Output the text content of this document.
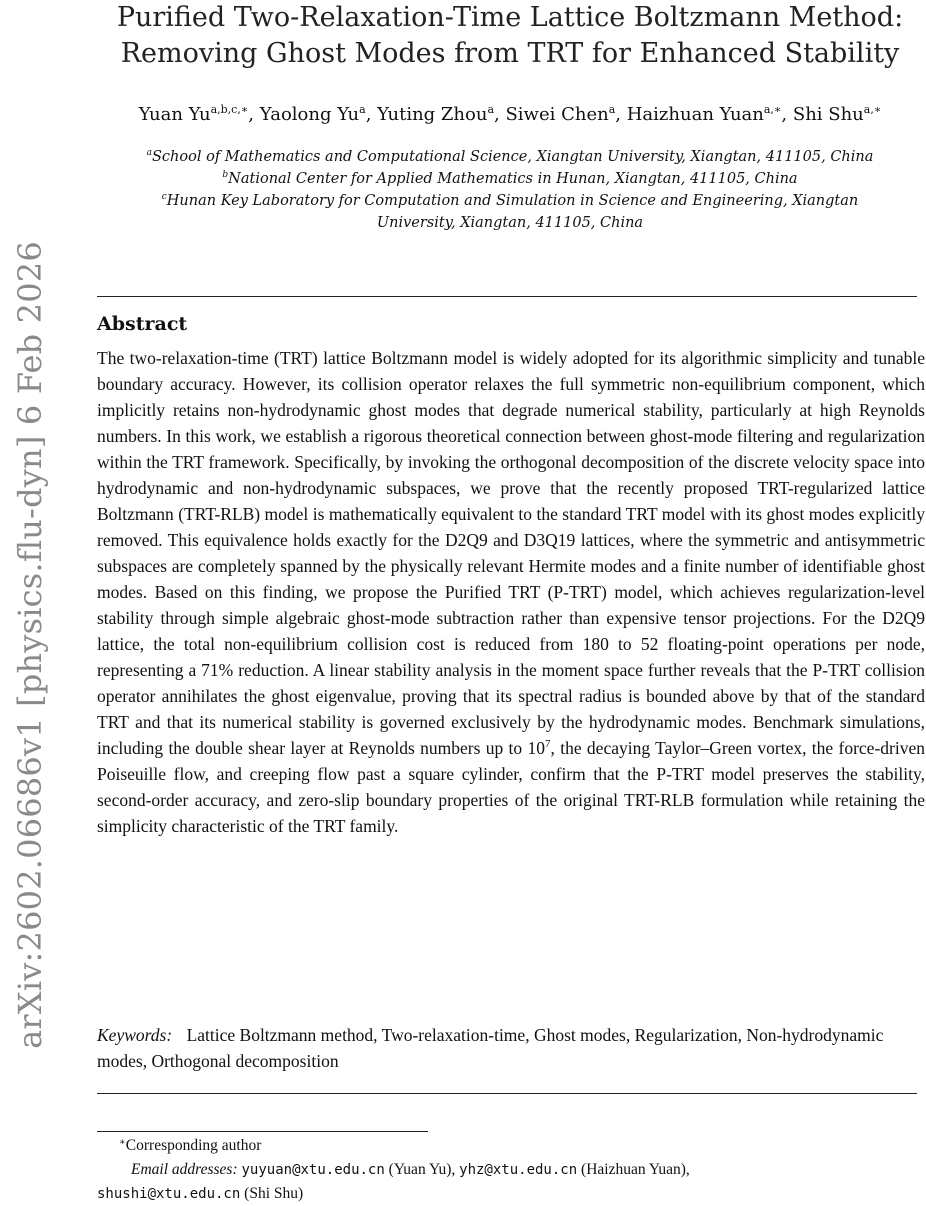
arXiv:2602.06686v1 [physics.flu-dyn] 6 Feb 2026
Purified Two-Relaxation-Time Lattice Boltzmann Method:
Removing Ghost Modes from TRT for Enhanced Stability
Yuan $Yu^{a,b,c,∗}$, Yaolong Yu$^a$, Yuting Zhou$^a$, Siwei Chen$^a$, Haizhuan Yuan$^{a,∗}$, Shi Shu$^{a,∗}$
$^a$School of Mathematics and Computational Science, Xiangtan University, Xiangtan, 411105, China
$^b$National Center for Applied Mathematics in Hunan, Xiangtan, 411105, China
$^c$Hunan Key Laboratory for Computation and Simulation in Science and Engineering, Xiangtan
University, Xiangtan, 411105, China
Abstract

The two-relaxation-time (TRT) lattice Boltzmann model is widely adopted for its algorithmic simplicity and tunable boundary accuracy. However, its collision operator relaxes the full symmetric non-equilibrium component, which implicitly retains non-hydrodynamic ghost modes that degrade numerical stability, particularly at high Reynolds numbers. In this work, we establish a rigorous theoretical connection between ghost-mode filtering and regularization within the TRT framework. Specifically, by invoking the orthogonal decomposition of the discrete velocity space into hydrodynamic and non-hydrodynamic subspaces, we prove that the recently proposed TRT-regularized lattice Boltzmann (TRT-RLB) model is mathematically equivalent to the standard TRT model with its ghost modes explicitly removed. This equivalence holds exactly for the D2Q9 and D3Q19 lattices, where the symmetric and antisymmetric subspaces are completely spanned by the physically relevant Hermite modes and a finite number of identifiable ghost modes. Based on this finding, we propose the Purified TRT (P-TRT) model, which achieves regularization-level stability through simple algebraic ghost-mode subtraction rather than expensive tensor projections. For the D2Q9 lattice, the total non-equilibrium collision cost is reduced from 180 to 52 floating-point operations per node, representing a 71% reduction. A linear stability analysis in the moment space further reveals that the P-TRT collision operator annihilates the ghost eigenvalue, proving that its spectral radius is bounded above by that of the standard TRT and that its numerical stability is governed exclusively by the hydrodynamic modes. Benchmark simulations, including the double shear layer at Reynolds numbers up to $10^7$, the decaying Taylor–Green vortex, the force-driven Poiseuille flow, and creeping flow past a square cylinder, confirm that the P-TRT model preserves the stability, second-order accuracy, and zero-slip boundary properties of the original TRT-RLB formulation while retaining the simplicity characteristic of the TRT family.

Keywords: Lattice Boltzmann method, Two-relaxation-time, Ghost modes, Regularization, Non-hydrodynamic modes, Orthogonal decomposition
∗Corresponding author
Email addresses: yuyuan@xtu.edu.cn (Yuan Yu), yhz@xtu.edu.cn (Haizhuan Yuan),
shushi@xtu.edu.cn (Shi Shu)
